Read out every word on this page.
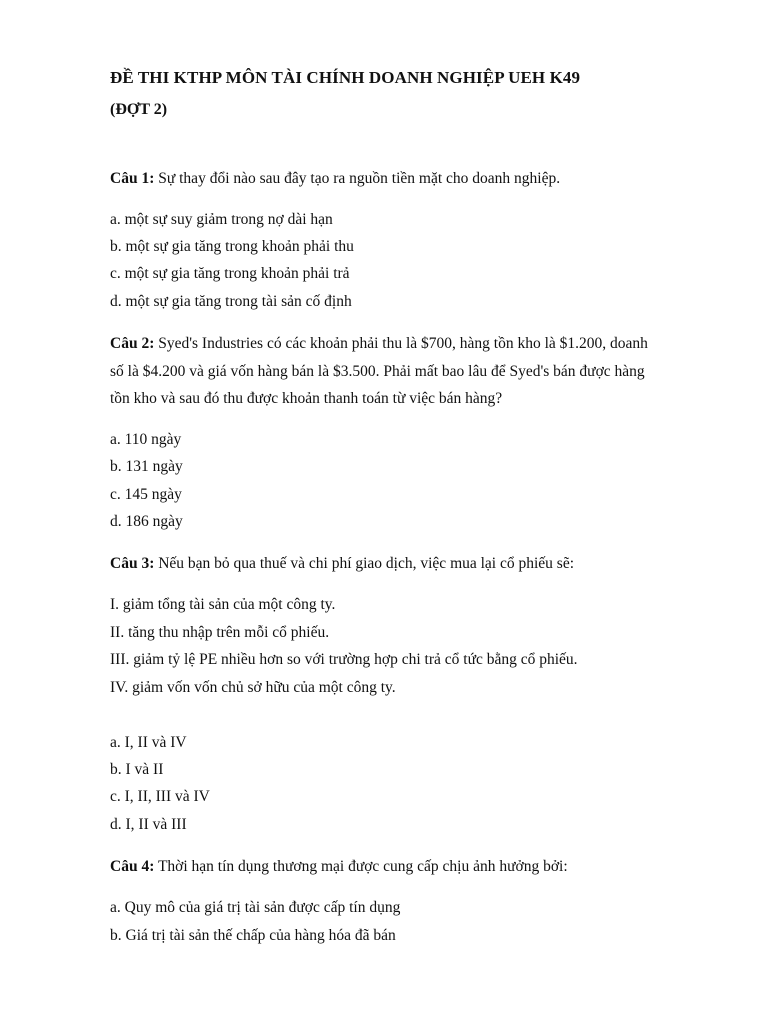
ĐỀ THI KTHP MÔN TÀI CHÍNH DOANH NGHIỆP UEH K49
(ĐỢT 2)
Câu 1: Sự thay đổi nào sau đây tạo ra nguồn tiền mặt cho doanh nghiệp.
a. một sự suy giảm trong nợ dài hạn
b. một sự gia tăng trong khoản phải thu
c. một sự gia tăng trong khoản phải trả
d. một sự gia tăng trong tài sản cố định
Câu 2: Syed's Industries có các khoản phải thu là $700, hàng tồn kho là $1.200, doanh
số là $4.200 và giá vốn hàng bán là $3.500. Phải mất bao lâu để Syed's bán được hàng
tồn kho và sau đó thu được khoản thanh toán từ việc bán hàng?
a. 110 ngày
b. 131 ngày
c. 145 ngày
d. 186 ngày
Câu 3: Nếu bạn bỏ qua thuế và chi phí giao dịch, việc mua lại cổ phiếu sẽ:
I. giảm tổng tài sản của một công ty.
II. tăng thu nhập trên mỗi cổ phiếu.
III. giảm tỷ lệ PE nhiều hơn so với trường hợp chi trả cổ tức bằng cổ phiếu.
IV. giảm vốn vốn chủ sở hữu của một công ty.
a. I, II và IV
b. I và II
c. I, II, III và IV
d. I, II và III
Câu 4: Thời hạn tín dụng thương mại được cung cấp chịu ảnh hưởng bởi:
a. Quy mô của giá trị tài sản được cấp tín dụng
b. Giá trị tài sản thế chấp của hàng hóa đã bán
